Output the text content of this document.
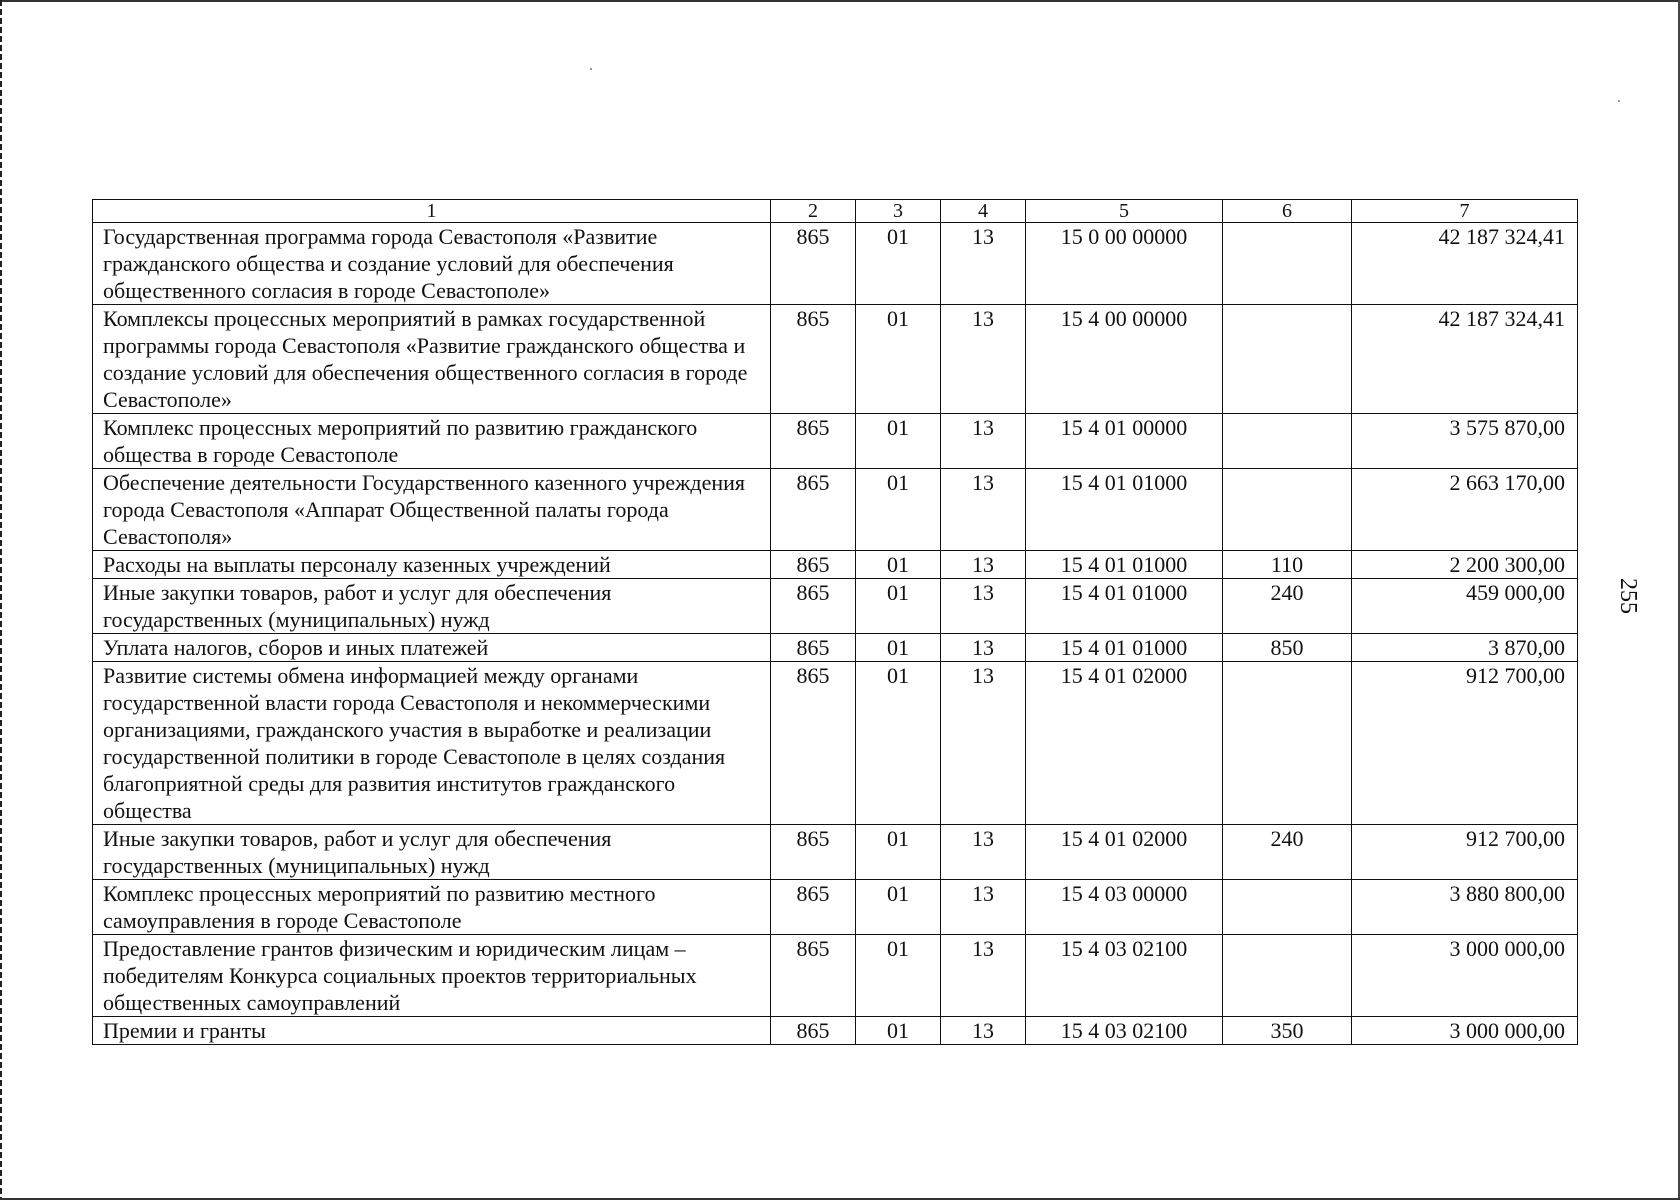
1	2	3	4	5	6	7
Государственная программа города Севастополя «Развитие гражданского общества и создание условий для обеспечения общественного согласия в городе Севастополе»	865	01	13	15 0 00 00000		42 187 324,41
Комплексы процессных мероприятий в рамках государственной программы города Севастополя «Развитие гражданского общества и создание условий для обеспечения общественного согласия в городе Севастополе»	865	01	13	15 4 00 00000		42 187 324,41
Комплекс процессных мероприятий по развитию гражданского общества в городе Севастополе	865	01	13	15 4 01 00000		3 575 870,00
Обеспечение деятельности Государственного казенного учреждения города Севастополя «Аппарат Общественной палаты города Севастополя»	865	01	13	15 4 01 01000		2 663 170,00
Расходы на выплаты персоналу казенных учреждений	865	01	13	15 4 01 01000	110	2 200 300,00
Иные закупки товаров, работ и услуг для обеспечения государственных (муниципальных) нужд	865	01	13	15 4 01 01000	240	459 000,00
Уплата налогов, сборов и иных платежей	865	01	13	15 4 01 01000	850	3 870,00
Развитие системы обмена информацией между органами государственной власти города Севастополя и некоммерческими организациями, гражданского участия в выработке и реализации государственной политики в городе Севастополе в целях создания благоприятной среды для развития институтов гражданского общества	865	01	13	15 4 01 02000		912 700,00
Иные закупки товаров, работ и услуг для обеспечения государственных (муниципальных) нужд	865	01	13	15 4 01 02000	240	912 700,00
Комплекс процессных мероприятий по развитию местного самоуправления в городе Севастополе	865	01	13	15 4 03 00000		3 880 800,00
Предоставление грантов физическим и юридическим лицам – победителям Конкурса социальных проектов территориальных общественных самоуправлений	865	01	13	15 4 03 02100		3 000 000,00
Премии и гранты	865	01	13	15 4 03 02100	350	3 000 000,00
255
